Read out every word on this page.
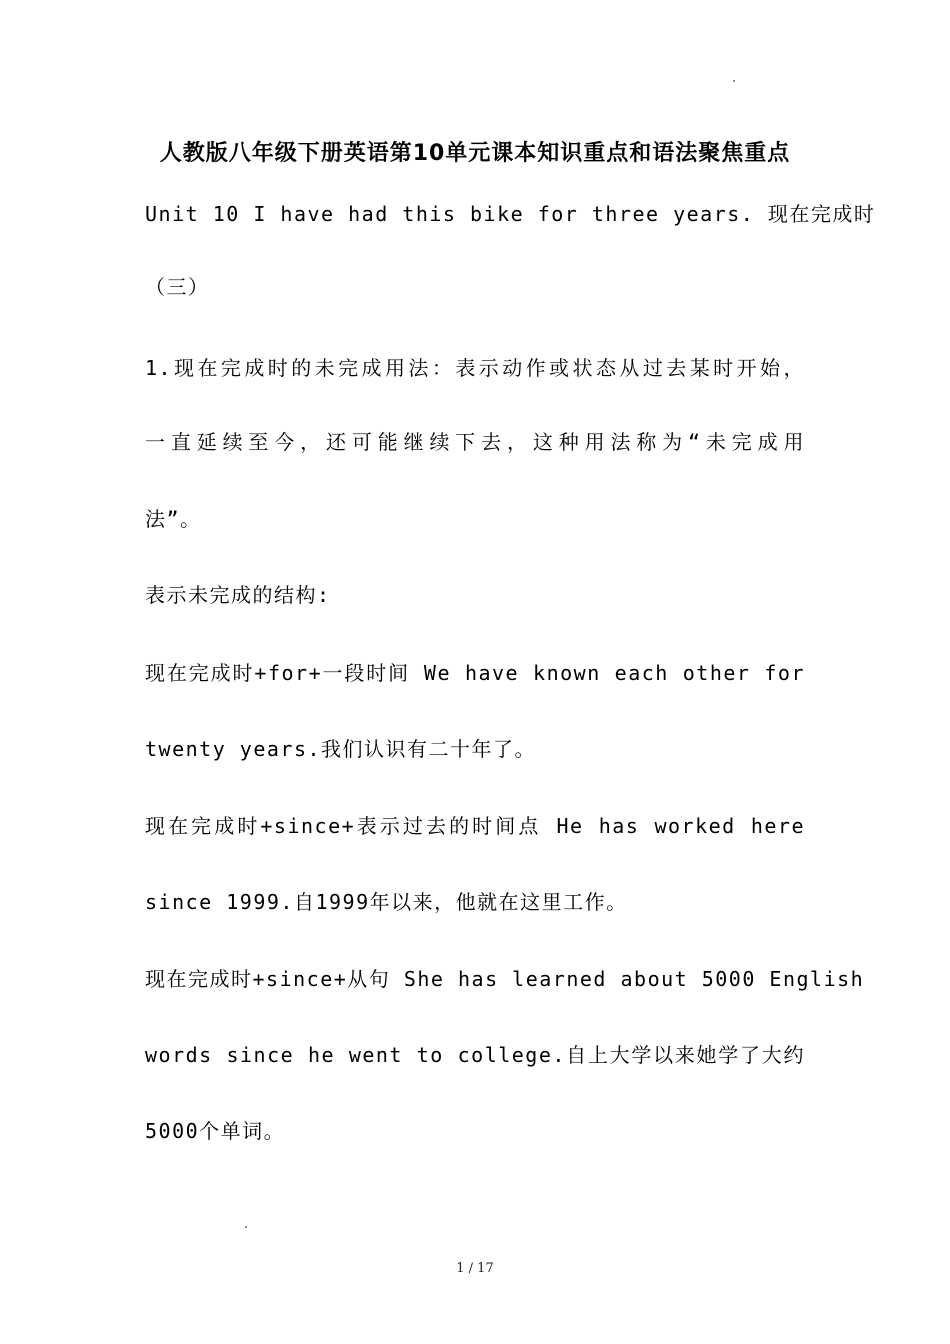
人教版八年级下册英语第10单元课本知识重点和语法聚焦重点
Unit 10 I have had this bike for three years. 现在完成时
（三）
1.现在完成时的未完成用法：表示动作或状态从过去某时开始，
一直延续至今，还可能继续下去，这种用法称为“未完成用
法”。
表示未完成的结构:
现在完成时+for+一段时间 We have known each other for
twenty years.我们认识有二十年了。
现在完成时+since+表示过去的时间点 He has worked here
since 1999.自1999年以来，他就在这里工作。
现在完成时+since+从句 She has learned about 5000 English
words since he went to college.自上大学以来她学了大约
5000个单词。
1 / 17
